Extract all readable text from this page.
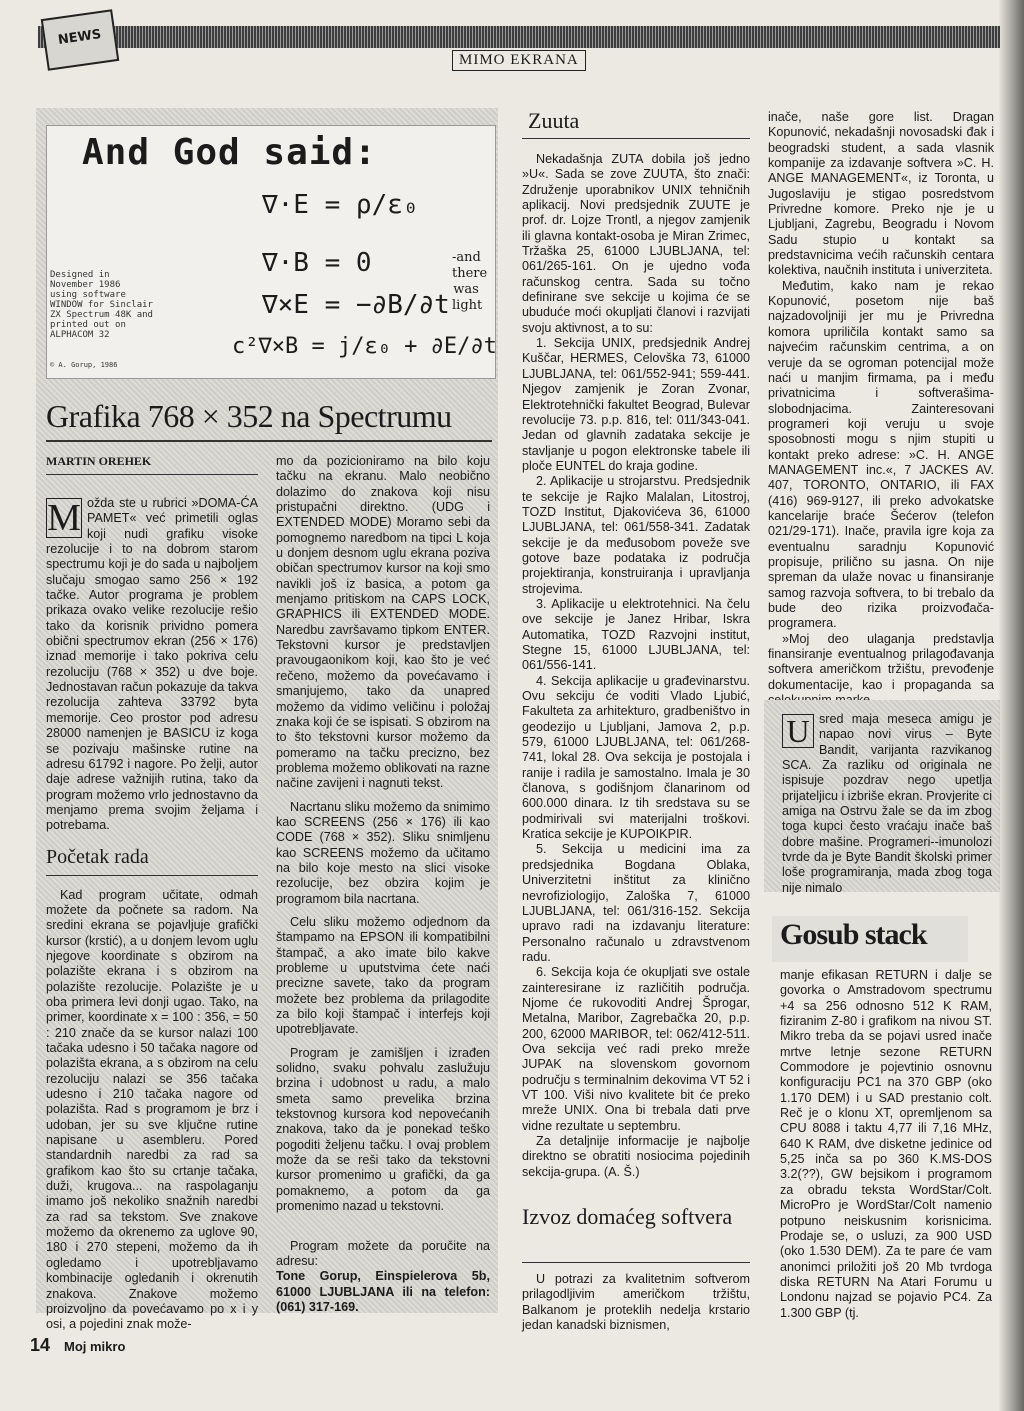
NEWS
MIMO EKRANA
And God said:
Designed in
November 1986
using software
WINDOW for Sinclair
ZX Spectrum 48K and
printed out on
ALPHACOM 32
© A. Gorup, 1986
∇·E = ρ/ε₀
∇·B = 0
∇×E = −∂B/∂t
c²∇×B = j/ε₀ + ∂E/∂t
-and
there
was
light
Grafika 768 × 352 na Spectrumu
MARTIN OREHEK
M ožda ste u rubrici »DOMA-ĆA PAMET« već primetili oglas koji nudi grafiku visoke rezolucije i to na dobrom starom spectrumu koji je do sada u najboljem slučaju smogao samo 256 × 192 tačke. Autor programa je problem prikaza ovako velike rezolucije rešio tako da korisnik prividno pomera obični spectrumov ekran (256 × 176) iznad memorije i tako pokriva celu rezoluciju (768 × 352) u dve boje. Jednostavan račun pokazuje da takva rezolucija zahteva 33792 byta memorije. Ceo prostor pod adresu 28000 namenjen je BASICU iz koga se pozivaju mašinske rutine na adresu 61792 i nagore. Po želji, autor daje adrese važnijih rutina, tako da program možemo vrlo jednostavno da menjamo prema svojim željama i potrebama.

Početak rada

Kad program učitate, odmah možete da počnete sa radom. Na sredini ekrana se pojavljuje grafički kursor (krstić), a u donjem levom uglu njegove koordinate s obzirom na polazište ekrana i s obzirom na polazište rezolucije. Polazište je u oba primera levi donji ugao. Tako, na primer, koordinate x = 100 : 356, = 50 : 210 znače da se kursor nalazi 100 tačaka udesno i 50 tačaka nagore od polazišta ekrana, a s obzirom na celu rezoluciju nalazi se 356 tačaka udesno i 210 tačaka nagore od polazišta. Rad s programom je brz i udoban, jer su sve ključne rutine napisane u asembleru. Pored standardnih naredbi za rad sa grafikom kao što su crtanje tačaka, duži, krugova... na raspolaganju imamo još nekoliko snažnih naredbi za rad sa tekstom. Sve znakove možemo da okrenemo za uglove 90, 180 i 270 stepeni, možemo da ih ogledamo i upotrebljavamo kombinacije ogledanih i okrenutih znakova. Znakove možemo proizvoljno da povećavamo po x i y osi, a pojedini znak može-

mo da pozicioniramo na bilo koju tačku na ekranu. Malo neobično dolazimo do znakova koji nisu pristupačni direktno. (UDG i EXTENDED MODE) Moramo sebi da pomognemo naredbom na tipci L koja u donjem desnom uglu ekrana poziva običan spectrumov kursor na koji smo navikli još iz basica, a potom ga menjamo pritiskom na CAPS LOCK, GRAPHICS ili EXTENDED MODE. Naredbu završavamo tipkom ENTER. Tekstovni kursor je predstavljen pravougaonikom koji, kao što je već rečeno, možemo da povećavamo i smanjujemo, tako da unapred možemo da vidimo veličinu i položaj znaka koji će se ispisati. S obzirom na to što tekstovni kursor možemo da pomeramo na tačku preciznо, bez problema možemo oblikovati na razne načine zavijeni i nagnuti tekst.

Nacrtanu sliku možemo da snimimo kao SCREENS (256 × 176) ili kao CODE (768 × 352). Sliku snimljenu kao SCREENS možemo da učitamo na bilo koje mesto na slici visoke rezolucije, bez obzira kojim je programom bila nacrtana.

Celu sliku možemo odjednom da štampamo na EPSON ili kompatibilni štampač, a ako imate bilo kakve probleme u uputstvima ćete naći precizne savete, tako da program možete bez problema da prilagodite za bilo koji štampač i interfejs koji upotrebljavate.

Program je zamišljen i izrađen solidno, svaku pohvalu zaslužuju brzina i udobnost u radu, a malo smeta samo prevelika brzina tekstovnog kursora kod nepovećanih znakova, tako da je ponekad teško pogoditi željenu tačku. I ovaj problem može da se reši tako da tekstovni kursor promenimo u grafički, da ga pomaknemo, a potom da ga promenimo nazad u tekstovni.

Program možete da poručite na adresu:

Tone Gorup, Einspielerova 5b, 61000 LJUBLJANA ili na telefon: (061) 317-169.

Zuuta

Nekadašnja ZUTA dobila još jedno »U«. Sada se zove ZUUTA, što znači: Združenje uporabnikov UNIX tehničnih aplikacij. Novi predsjednik ZUUTE je prof. dr. Lojze Trontl, a njegov zamjenik ili glavna kontakt-osoba je Miran Zrimec, Tržaška 25, 61000 LJUBLJANA, tel: 061/265-161. On je ujedno vođa računskog centra. Sada su točno definirane sve sekcije u kojima će se ubuduće moći okupljati članovi i razvijati svoju aktivnost, a to su:

1. Sekcija UNIX, predsjednik Andrej Kuščar, HERMES, Celovška 73, 61000 LJUBLJANA, tel: 061/552-941; 559-441. Njegov zamjenik je Zoran Zvonar, Elektrotehnički fakultet Beograd, Bulevar revolucije 73. p.p. 816, tel: 011/343-041. Jedan od glavnih zadataka sekcije je stavljanje u pogon elektronske tabele ili ploče EUNTEL do kraja godine.

2. Aplikacije u strojarstvu. Predsjednik te sekcije je Rajko Malalan, Litostroj, TOZD Institut, Djakovićeva 36, 61000 LJUBLJANA, tel: 061/558-341. Zadatak sekcije je da međusobom poveže sve gotove baze podataka iz područja projektiranja, konstruiranja i upravljanja strojevima.

3. Aplikacije u elektrotehnici. Na čelu ove sekcije je Janez Hribar, Iskra Automatika, TOZD Razvojni institut, Stegne 15, 61000 LJUBLJANA, tel: 061/556-141.

4. Sekcija aplikacije u građevinarstvu. Ovu sekciju će voditi Vlado Ljubić, Fakulteta za arhitekturo, gradbeništvo in geodezijo u Ljubljani, Jamova 2, p.p. 579, 61000 LJUBLJANA, tel: 061/268-741, lokal 28. Ova sekcija je postojala i ranije i radila je samostalno. Imala je 30 članova, s godišnjom članarinom od 600.000 dinara. Iz tih sredstava su se podmirivali svi materijalni troškovi. Kratica sekcije je KUPOIKPIR.

5. Sekcija u medicini ima za predsjednika Bogdana Oblaka, Univerzitetni inštitut za klinično nevrofiziologijo, Zaloška 7, 61000 LJUBLJANA, tel: 061/316-152. Sekcija upravo radi na izdavanju literature: Personalno računalo u zdravstvenom radu.

6. Sekcija koja će okupljati sve ostale zainteresirane iz različitih područja. Njome će rukovoditi Andrej Šprogar, Metalna, Maribor, Zagrebačka 20, p.p. 200, 62000 MARIBOR, tel: 062/412-511. Ova sekcija već radi preko mreže JUPAK na slovenskom govornom području s terminalnim dekovima VT 52 i VT 100. Viši nivo kvalitete bit će preko mreže UNIX. Ona bi trebala dati prve vidne rezultate u septembru.

Za detaljnije informacije je najbolje direktno se obratiti nosiocima pojedinih sekcija-grupa. (A. Š.)

Izvoz domaćeg softvera

U potrazi za kvalitetnim softverom prilagodljivim američkom tržištu, Balkanom je proteklih nedelja krstario jedan kanadski biznismen,

inače, naše gore list. Dragan Kopunović, nekadašnji novosadski đak i beogradski student, a sada vlasnik kompanije za izdavanje softvera »C. H. ANGE MANAGEMENT«, iz Toronta, u Jugoslaviju je stigao posredstvom Privredne komore. Preko nje je u Ljubljani, Zagrebu, Beogradu i Novom Sadu stupio u kontakt sa predstavnicima većih računskih centara kolektiva, naučnih instituta i univerziteta.

Međutim, kako nam je rekao Kopunović, posetom nije baš najzadovoljniji jer mu je Privredna komora upriličila kontakt samo sa najvećim računskim centrima, a on veruje da se ogroman potencijal može naći u manjim firmama, pa i među privatnicima i softverašima-slobodnjacima. Zainteresovani programeri koji veruju u svoje sposobnosti mogu s njim stupiti u kontakt preko adrese: »C. H. ANGE MANAGEMENT inc.«, 7 JACKES AV. 407, TORONTO, ONTARIO, ili FAX (416) 969-9127, ili preko advokatske kancelarije braće Šećerov (telefon 021/29-171). Inače, pravila igre koja za eventualnu saradnju Kopunović propisuje, prilično su jasna. On nije spreman da ulaže novac u finansiranje samog razvoja softvera, to bi trebalo da bude deo rizika proizvođača-programera.

»Moj deo ulaganja predstavlja finansiranje eventualnog prilagođavanja softvera američkom tržištu, prevođenje dokumentacije, kao i propaganda sa

U sred maja meseca amigu je napao novi virus – Byte Bandit, varijanta razvikanog SCA. Za razliku od originala ne ispisuje pozdrav nego upetlja prijateljicu i izbriše ekran. Provjerite ci amiga na Ostrvu žale se da im zbog toga kupci često vraćaju inače baš dobre mašine. Programeri--imunolozi tvrde da je Byte Bandit školski primer loše programiranja, mada zbog toga nije nimalo

Gosub stack

manje efikasan RETURN i dalje se govorka o Amstradovom spectrumu +4 sa 256 odnosno 512 K RAM, fiziranim Z-80 i grafikom na nivou ST. Mikro treba da se pojavi usred inače mrtve letnje sezone RETURN Commodore je pojevtinio osnovnu konfiguraciju PC1 na 370 GBP (oko 1.170 DEM) i u SAD prestanio colt. Reč je o klonu XT, opremljenom sa CPU 8088 i taktu 4,77 ili 7,16 MHz, 640 K RAM, dve disketne jedinice od 5,25 inča sa po 360 K.MS-DOS 3.2(??), GW bejsikom i programom za obradu teksta WordStar/Colt. MicroPro je WordStar/Colt namenio potpuno neiskusnim korisnicima. Prodaje se, o usluzi, za 900 USD (oko 1.530 DEM). Za te pare će vam anonimci priložiti još 20 Mb tvrdoga diska RETURN Na Atari Forumu u Londonu najzad se pojavio PC4. Za 1.300 GBP (tj.

14 Moj mikro
